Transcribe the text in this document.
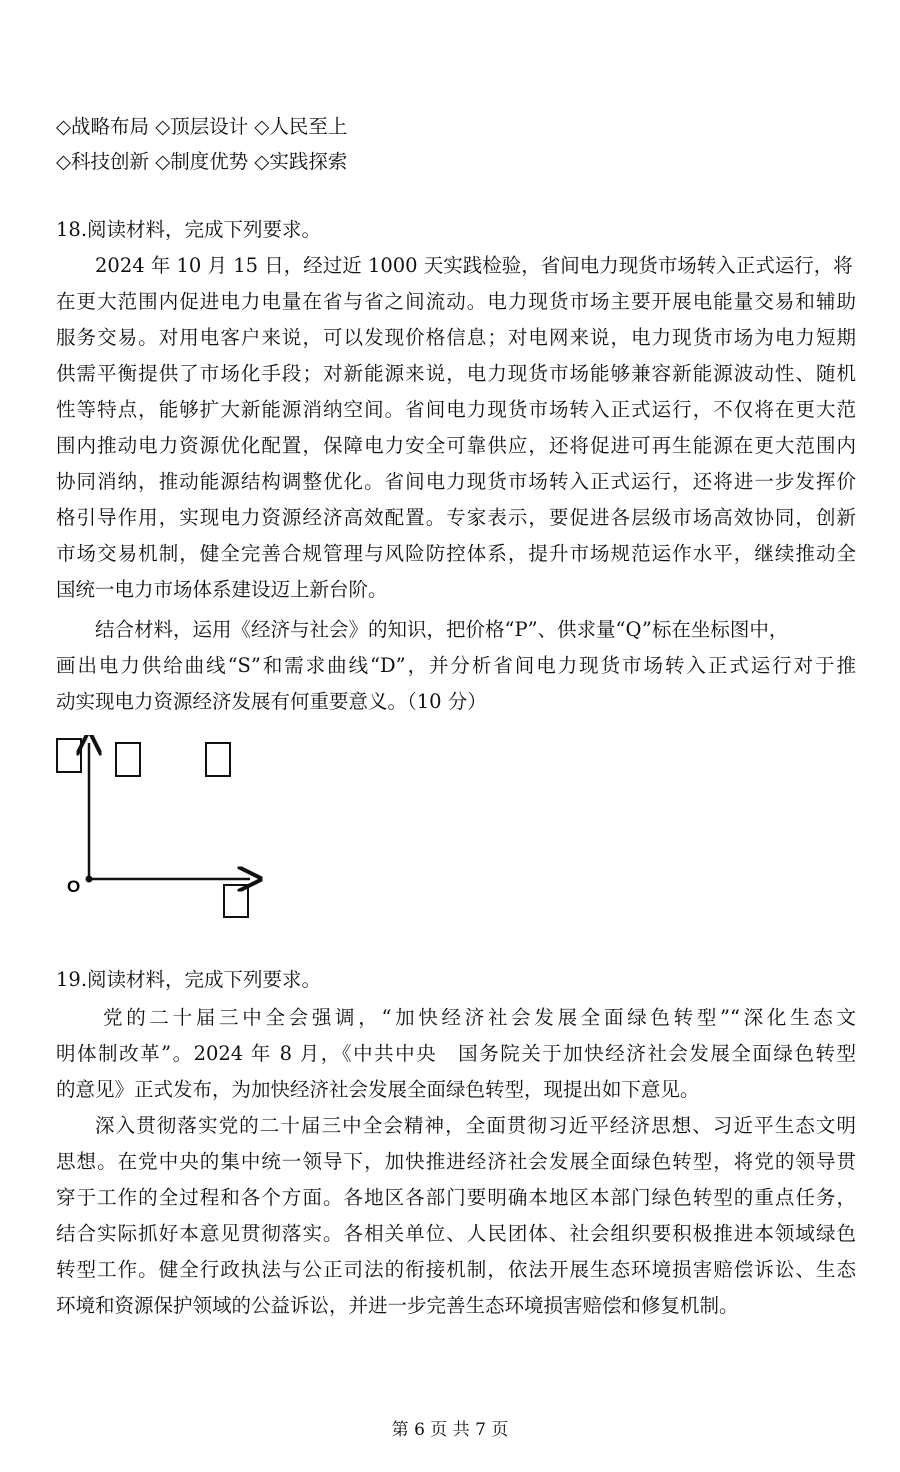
◇战略布局 ◇顶层设计 ◇人民至上
◇科技创新 ◇制度优势 ◇实践探索
18.阅读材料，完成下列要求。
2024 年 10 月 15 日，经过近 1000 天实践检验，省间电力现货市场转入正式运行，将
在更大范围内促进电力电量在省与省之间流动。电力现货市场主要开展电能量交易和辅助
服务交易。对用电客户来说，可以发现价格信息；对电网来说，电力现货市场为电力短期
供需平衡提供了市场化手段；对新能源来说，电力现货市场能够兼容新能源波动性、随机
性等特点，能够扩大新能源消纳空间。省间电力现货市场转入正式运行，不仅将在更大范
围内推动电力资源优化配置，保障电力安全可靠供应，还将促进可再生能源在更大范围内
协同消纳，推动能源结构调整优化。省间电力现货市场转入正式运行，还将进一步发挥价
格引导作用，实现电力资源经济高效配置。专家表示，要促进各层级市场高效协同，创新
市场交易机制，健全完善合规管理与风险防控体系，提升市场规范运作水平，继续推动全
国统一电力市场体系建设迈上新台阶。
结合材料，运用《经济与社会》的知识，把价格“P”、供求量“Q”标在坐标图中，
画出电力供给曲线“S”和需求曲线“D”，并分析省间电力现货市场转入正式运行对于推
动实现电力资源经济发展有何重要意义。（10 分）
O
19.阅读材料，完成下列要求。
党的二十届三中全会强调，“加快经济社会发展全面绿色转型”“深化生态文
明体制改革”。2024 年 8 月，《中共中央　国务院关于加快经济社会发展全面绿色转型
的意见》正式发布，为加快经济社会发展全面绿色转型，现提出如下意见。
深入贯彻落实党的二十届三中全会精神，全面贯彻习近平经济思想、习近平生态文明
思想。在党中央的集中统一领导下，加快推进经济社会发展全面绿色转型，将党的领导贯
穿于工作的全过程和各个方面。各地区各部门要明确本地区本部门绿色转型的重点任务，
结合实际抓好本意见贯彻落实。各相关单位、人民团体、社会组织要积极推进本领域绿色
转型工作。健全行政执法与公正司法的衔接机制，依法开展生态环境损害赔偿诉讼、生态
环境和资源保护领域的公益诉讼，并进一步完善生态环境损害赔偿和修复机制。
第 6 页 共 7 页
